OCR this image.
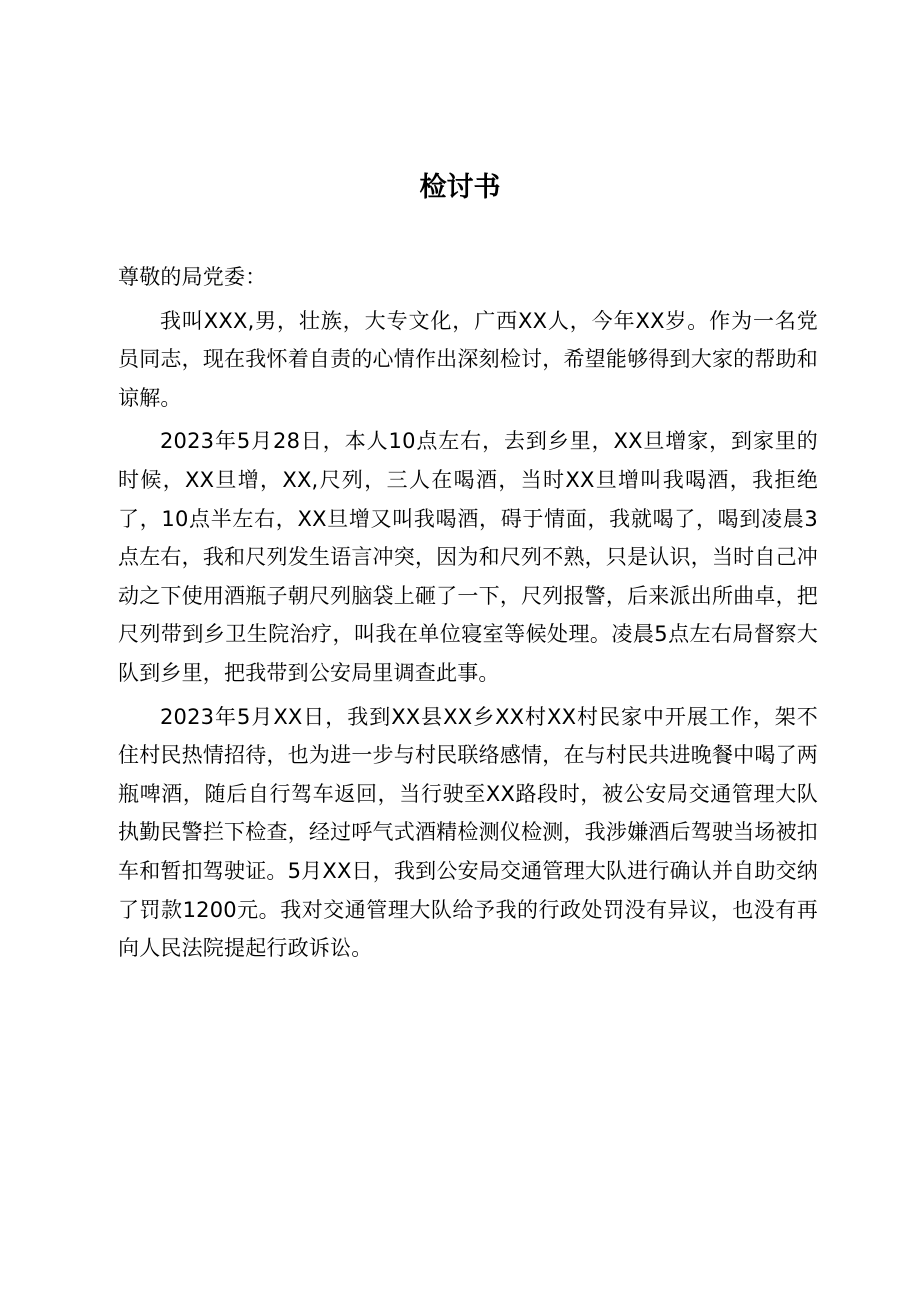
检讨书

尊敬的局党委：

我叫XXX,男，壮族，大专文化，广西XX人，今年XX岁。作为一名党员同志，现在我怀着自责的心情作出深刻检讨，希望能够得到大家的帮助和谅解。

2023年5月28日，本人10点左右，去到乡里，XX旦增家，到家里的时候，XX旦增，XX,尺列，三人在喝酒，当时XX旦增叫我喝酒，我拒绝了，10点半左右，XX旦增又叫我喝酒，碍于情面，我就喝了，喝到凌晨3点左右，我和尺列发生语言冲突，因为和尺列不熟，只是认识，当时自己冲动之下使用酒瓶子朝尺列脑袋上砸了一下，尺列报警，后来派出所曲卓，把尺列带到乡卫生院治疗，叫我在单位寝室等候处理。凌晨5点左右局督察大队到乡里，把我带到公安局里调查此事。

2023年5月XX日，我到XX县XX乡XX村XX村民家中开展工作，架不住村民热情招待，也为进一步与村民联络感情，在与村民共进晚餐中喝了两瓶啤酒，随后自行驾车返回，当行驶至XX路段时，被公安局交通管理大队执勤民警拦下检查，经过呼气式酒精检测仪检测，我涉嫌酒后驾驶当场被扣车和暂扣驾驶证。5月XX日，我到公安局交通管理大队进行确认并自助交纳了罚款1200元。我对交通管理大队给予我的行政处罚没有异议，也没有再向人民法院提起行政诉讼。
